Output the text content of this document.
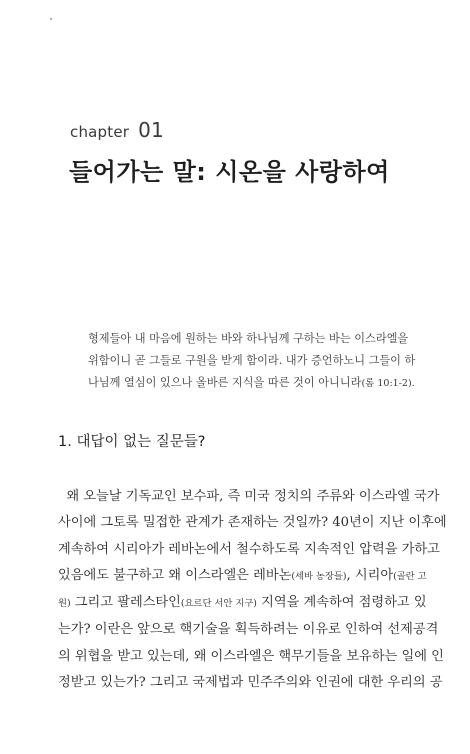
chapter 01
들어가는 말: 시온을 사랑하여
형제들아 내 마음에 원하는 바와 하나님께 구하는 바는 이스라엘을
위함이니 곧 그들로 구원을 받게 함이라. 내가 증언하노니 그들이 하
나님께 열심이 있으나 올바른 지식을 따른 것이 아니니라(롬 10:1-2).
1. 대답이 없는 질문들?
왜 오늘날 기독교인 보수파, 즉 미국 정치의 주류와 이스라엘 국가
사이에 그토록 밀접한 관계가 존재하는 것일까? 40년이 지난 이후에
계속하여 시리아가 레바논에서 철수하도록 지속적인 압력을 가하고
있음에도 불구하고 왜 이스라엘은 레바논(세바 농장들), 시리아(골란 고
원) 그리고 팔레스타인(요르단 서안 지구) 지역을 계속하여 점령하고 있
는가? 이란은 앞으로 핵기술을 획득하려는 이유로 인하여 선제공격
의 위협을 받고 있는데, 왜 이스라엘은 핵무기들을 보유하는 일에 인
정받고 있는가? 그리고 국제법과 민주주의와 인권에 대한 우리의 공
